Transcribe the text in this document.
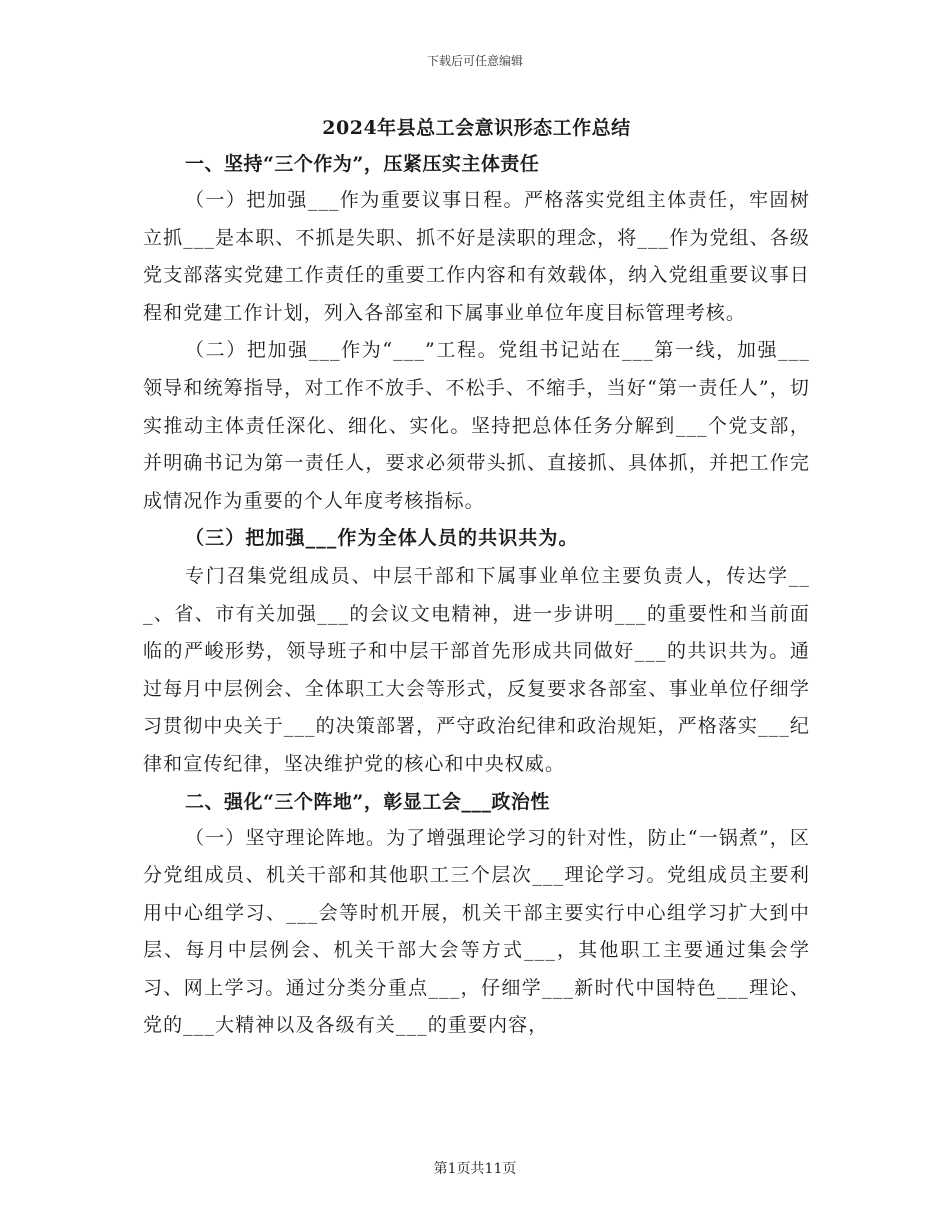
下载后可任意编辑

2024年县总工会意识形态工作总结

一、坚持“三个作为”，压紧压实主体责任

（一）把加强___作为重要议事日程。严格落实党组主体责任，牢固树立抓___是本职、不抓是失职、抓不好是渎职的理念，将___作为党组、各级党支部落实党建工作责任的重要工作内容和有效载体，纳入党组重要议事日程和党建工作计划，列入各部室和下属事业单位年度目标管理考核。

（二）把加强___作为“___”工程。党组书记站在___第一线，加强___领导和统筹指导，对工作不放手、不松手、不缩手，当好“第一责任人”，切实推动主体责任深化、细化、实化。坚持把总体任务分解到___个党支部，并明确书记为第一责任人，要求必须带头抓、直接抓、具体抓，并把工作完成情况作为重要的个人年度考核指标。

（三）把加强___作为全体人员的共识共为。

专门召集党组成员、中层干部和下属事业单位主要负责人，传达学___、省、市有关加强___的会议文电精神，进一步讲明___的重要性和当前面临的严峻形势，领导班子和中层干部首先形成共同做好___的共识共为。通过每月中层例会、全体职工大会等形式，反复要求各部室、事业单位仔细学习贯彻中央关于___的决策部署，严守政治纪律和政治规矩，严格落实___纪律和宣传纪律，坚决维护党的核心和中央权威。

二、强化“三个阵地”，彰显工会___政治性

（一）坚守理论阵地。为了增强理论学习的针对性，防止“一锅煮”，区分党组成员、机关干部和其他职工三个层次___理论学习。党组成员主要利用中心组学习、___会等时机开展，机关干部主要实行中心组学习扩大到中层、每月中层例会、机关干部大会等方式___，其他职工主要通过集会学习、网上学习。通过分类分重点___，仔细学___新时代中国特色___理论、党的___大精神以及各级有关___的重要内容，

第1页共11页
